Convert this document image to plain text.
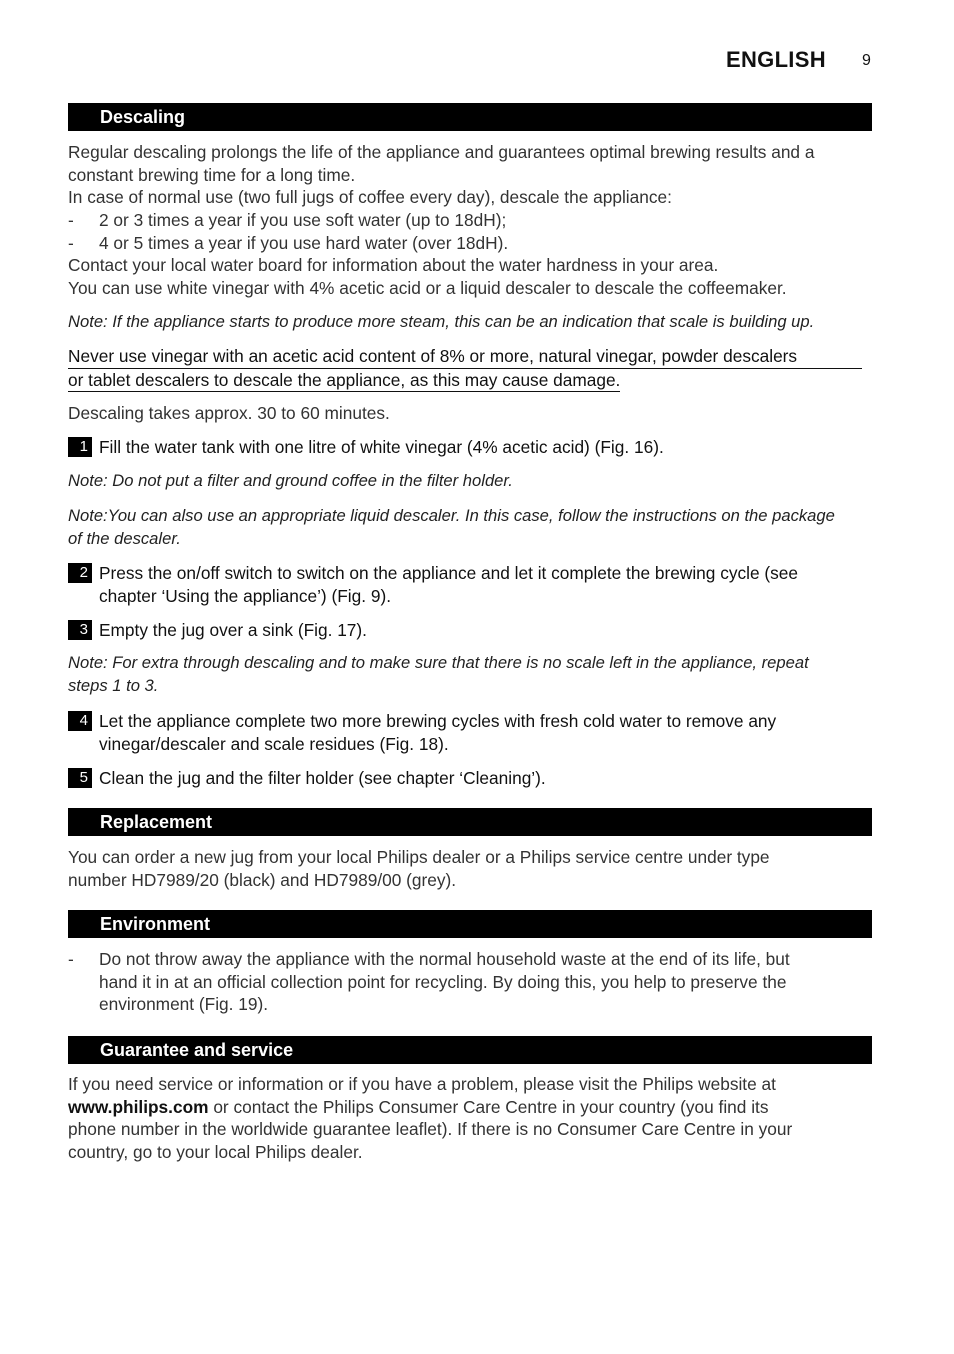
ENGLISH 9
Descaling
Regular descaling prolongs the life of the appliance and guarantees optimal brewing results and a
constant brewing time for a long time.
In case of normal use (two full jugs of coffee every day), descale the appliance:
- 2 or 3 times a year if you use soft water (up to 18dH);
- 4 or 5 times a year if you use hard water (over 18dH).
Contact your local water board for information about the water hardness in your area.
You can use white vinegar with 4% acetic acid or a liquid descaler to descale the coffeemaker.
Note: If the appliance starts to produce more steam, this can be an indication that scale is building up.
Never use vinegar with an acetic acid content of 8% or more, natural vinegar, powder descalers
or tablet descalers to descale the appliance, as this may cause damage.
Descaling takes approx. 30 to 60 minutes.
1 Fill the water tank with one litre of white vinegar (4% acetic acid) (Fig. 16).
Note: Do not put a filter and ground coffee in the filter holder.
Note:You can also use an appropriate liquid descaler. In this case, follow the instructions on the package
of the descaler.
2 Press the on/off switch to switch on the appliance and let it complete the brewing cycle (see
chapter ‘Using the appliance’) (Fig. 9).
3 Empty the jug over a sink (Fig. 17).
Note: For extra through descaling and to make sure that there is no scale left in the appliance, repeat
steps 1 to 3.
4 Let the appliance complete two more brewing cycles with fresh cold water to remove any
vinegar/descaler and scale residues (Fig. 18).
5 Clean the jug and the filter holder (see chapter ‘Cleaning’).
Replacement
You can order a new jug from your local Philips dealer or a Philips service centre under type
number HD7989/20 (black) and HD7989/00 (grey).
Environment
- Do not throw away the appliance with the normal household waste at the end of its life, but
hand it in at an official collection point for recycling. By doing this, you help to preserve the
environment (Fig. 19).
Guarantee and service
If you need service or information or if you have a problem, please visit the Philips website at
www.philips.com or contact the Philips Consumer Care Centre in your country (you find its
phone number in the worldwide guarantee leaflet). If there is no Consumer Care Centre in your
country, go to your local Philips dealer.
